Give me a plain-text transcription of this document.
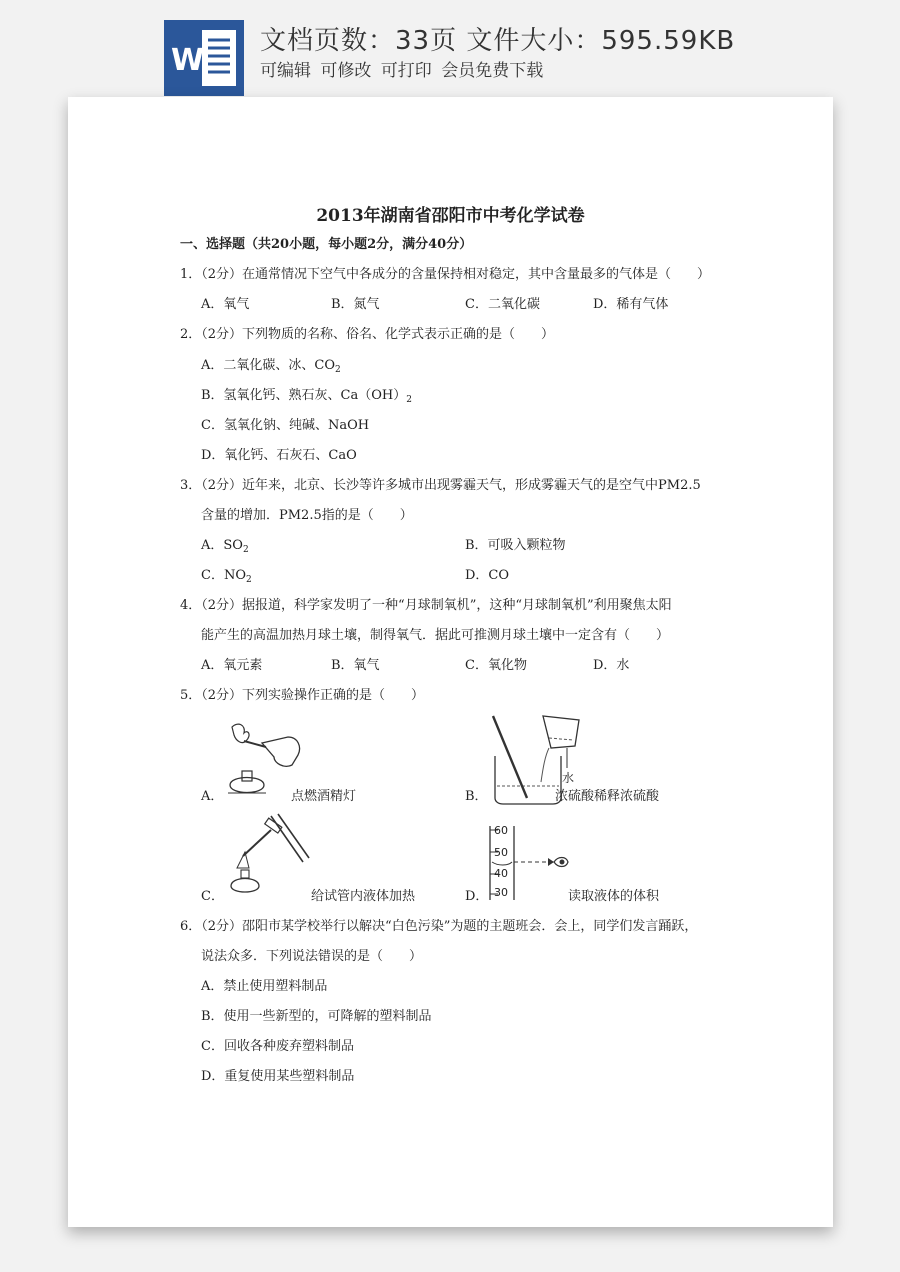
W
文档页数：33页 文件大小：595.59KB
可编辑 可修改 可打印 会员免费下载
2013年湖南省邵阳市中考化学试卷
一、选择题（共20小题，每小题2分，满分40分）
1．（2分）在通常情况下空气中各成分的含量保持相对稳定，其中含量最多的气体是（　　）
A．氧气	B．氮气	C．二氧化碳	D．稀有气体
2．（2分）下列物质的名称、俗名、化学式表示正确的是（　　）
A．二氧化碳、冰、$CO_2$
B．氢氧化钙、熟石灰、$Ca(OH)_2$
C．氢氧化钠、纯碱、NaOH
D．氧化钙、石灰石、CaO
3．（2分）近年来，北京、长沙等许多城市出现雾霾天气，形成雾霾天气的是空气中PM2.5
含量的增加．PM2.5指的是（　　）
A．$SO_2$	B．可吸入颗粒物
C．$NO_2$	D．CO
4．（2分）据报道，科学家发明了一种“月球制氧机”，这种“月球制氧机”利用聚焦太阳
能产生的高温加热月球土壤，制得氧气．据此可推测月球土壤中一定含有（　　）
A．氧元素	B．氧气	C．氧化物	D．水
5．（2分）下列实验操作正确的是（　　）
A．	点燃酒精灯
水
B．	浓硫酸 稀释浓硫酸
C．	给试管内液体加热
60
50
40
30
D．	读取液体的体积
6．（2分）邵阳市某学校举行以解决“白色污染”为题的主题班会．会上，同学们发言踊跃，
说法众多．下列说法错误的是（　　）
A．禁止使用塑料制品
B．使用一些新型的，可降解的塑料制品
C．回收各种废弃塑料制品
D．重复使用某些塑料制品
